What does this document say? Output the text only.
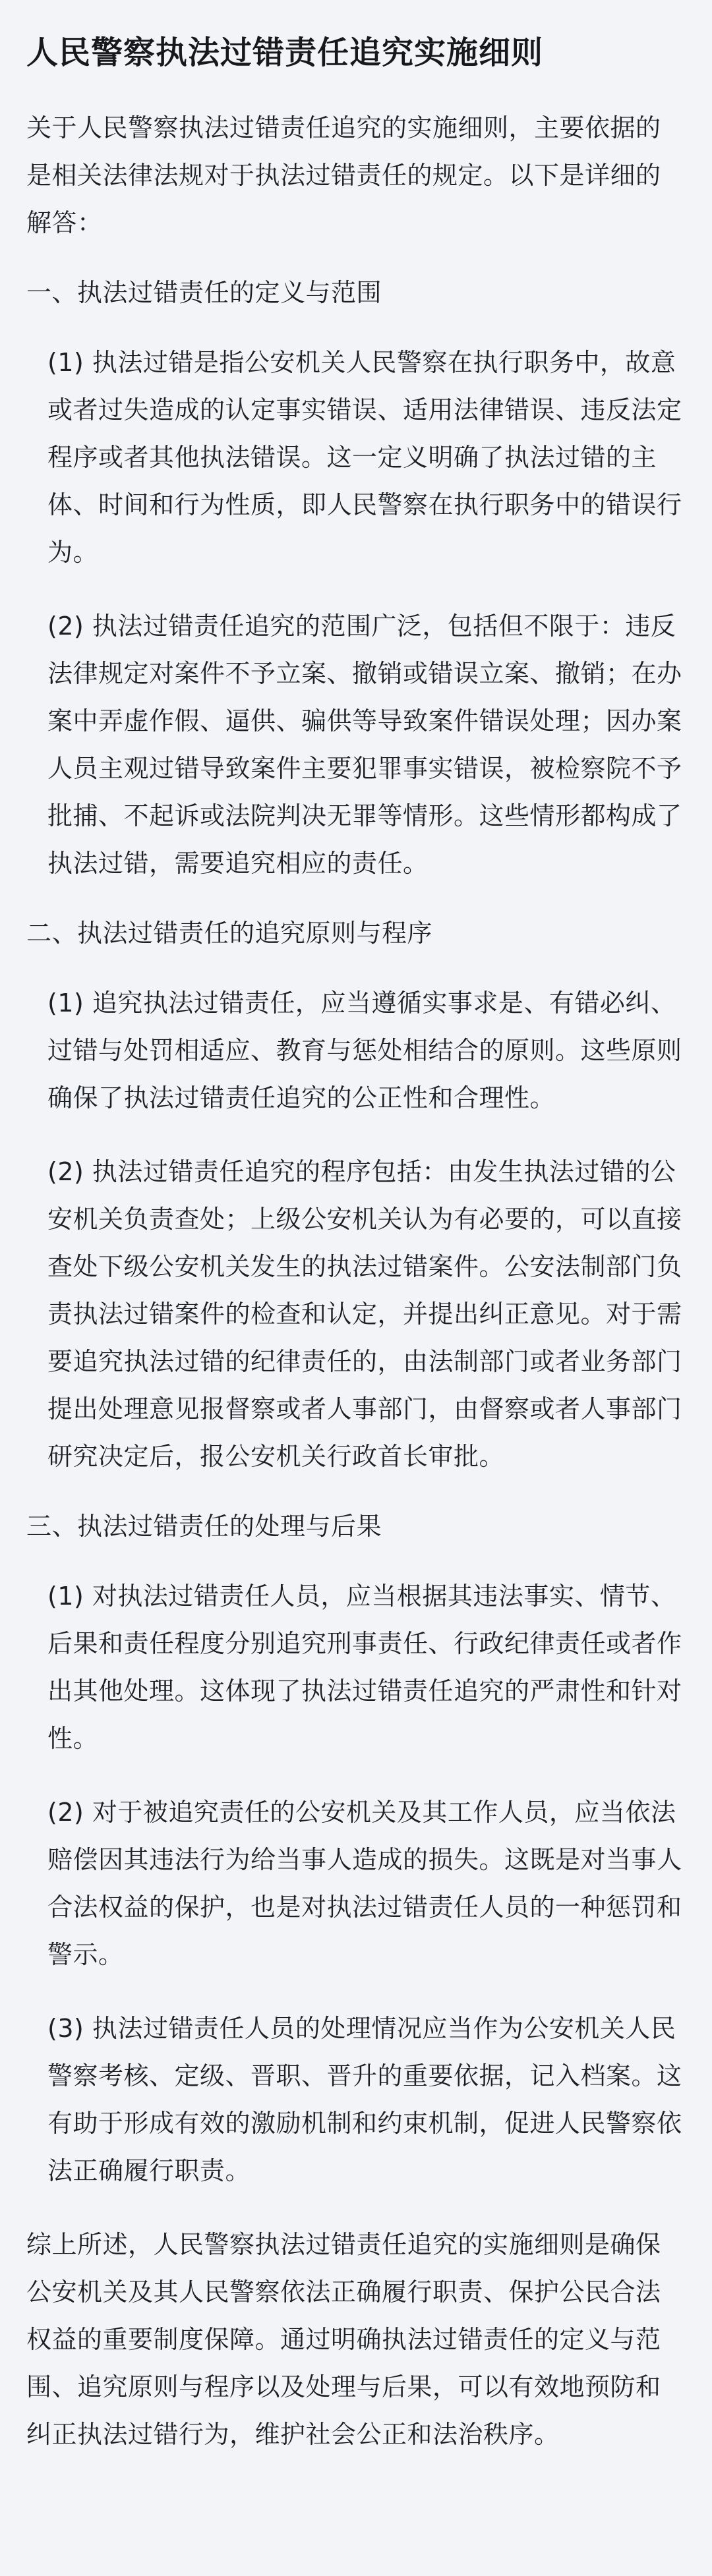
人民警察执法过错责任追究实施细则

关于人民警察执法过错责任追究的实施细则，主要依据的是相关法律法规对于执法过错责任的规定。以下是详细的解答：

一、执法过错责任的定义与范围

(1) 执法过错是指公安机关人民警察在执行职务中，故意或者过失造成的认定事实错误、适用法律错误、违反法定程序或者其他执法错误。这一定义明确了执法过错的主体、时间和行为性质，即人民警察在执行职务中的错误行为。

(2) 执法过错责任追究的范围广泛，包括但不限于：违反法律规定对案件不予立案、撤销或错误立案、撤销；在办案中弄虚作假、逼供、骗供等导致案件错误处理；因办案人员主观过错导致案件主要犯罪事实错误，被检察院不予批捕、不起诉或法院判决无罪等情形。这些情形都构成了执法过错，需要追究相应的责任。

二、执法过错责任的追究原则与程序

(1) 追究执法过错责任，应当遵循实事求是、有错必纠、过错与处罚相适应、教育与惩处相结合的原则。这些原则确保了执法过错责任追究的公正性和合理性。

(2) 执法过错责任追究的程序包括：由发生执法过错的公安机关负责查处；上级公安机关认为有必要的，可以直接查处下级公安机关发生的执法过错案件。公安法制部门负责执法过错案件的检查和认定，并提出纠正意见。对于需要追究执法过错的纪律责任的，由法制部门或者业务部门提出处理意见报督察或者人事部门，由督察或者人事部门研究决定后，报公安机关行政首长审批。

三、执法过错责任的处理与后果

(1) 对执法过错责任人员，应当根据其违法事实、情节、后果和责任程度分别追究刑事责任、行政纪律责任或者作出其他处理。这体现了执法过错责任追究的严肃性和针对性。

(2) 对于被追究责任的公安机关及其工作人员，应当依法赔偿因其违法行为给当事人造成的损失。这既是对当事人合法权益的保护，也是对执法过错责任人员的一种惩罚和警示。

(3) 执法过错责任人员的处理情况应当作为公安机关人民警察考核、定级、晋职、晋升的重要依据，记入档案。这有助于形成有效的激励机制和约束机制，促进人民警察依法正确履行职责。

综上所述，人民警察执法过错责任追究的实施细则是确保公安机关及其人民警察依法正确履行职责、保护公民合法权益的重要制度保障。通过明确执法过错责任的定义与范围、追究原则与程序以及处理与后果，可以有效地预防和纠正执法过错行为，维护社会公正和法治秩序。
